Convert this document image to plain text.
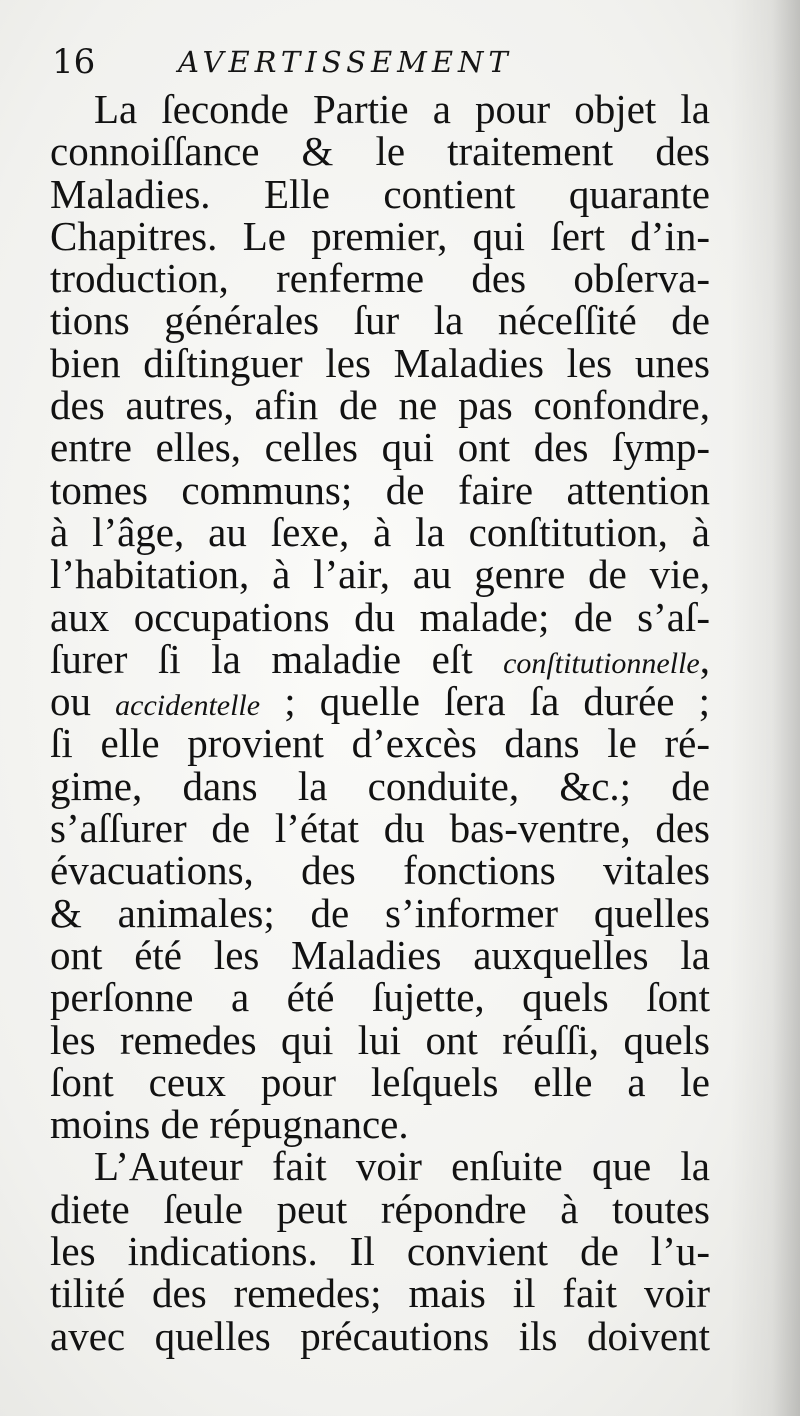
16	AVERTISSEMENT
La ſeconde Partie a pour objet la
connoiſſance & le traitement des
Maladies. Elle contient quarante
Chapitres. Le premier, qui ſert d’in-
troduction, renferme des obſerva-
tions générales ſur la néceſſité de
bien diſtinguer les Maladies les unes
des autres, afin de ne pas confondre,
entre elles, celles qui ont des ſymp-
tomes communs; de faire attention
à l’âge, au ſexe, à la conſtitution, à
l’habitation, à l’air, au genre de vie,
aux occupations du malade; de s’aſ-
ſurer ſi la maladie eſt conſtitutionnelle,
ou accidentelle ; quelle ſera ſa durée ;
ſi elle provient d’excès dans le ré-
gime, dans la conduite, &c.; de
s’aſſurer de l’état du bas-ventre, des
évacuations, des fonctions vitales
& animales; de s’informer quelles
ont été les Maladies auxquelles la
perſonne a été ſujette, quels ſont
les remedes qui lui ont réuſſi, quels
ſont ceux pour leſquels elle a le
moins de répugnance.
L’Auteur fait voir enſuite que la
diete ſeule peut répondre à toutes
les indications. Il convient de l’u-
tilité des remedes; mais il fait voir
avec quelles précautions ils doivent
